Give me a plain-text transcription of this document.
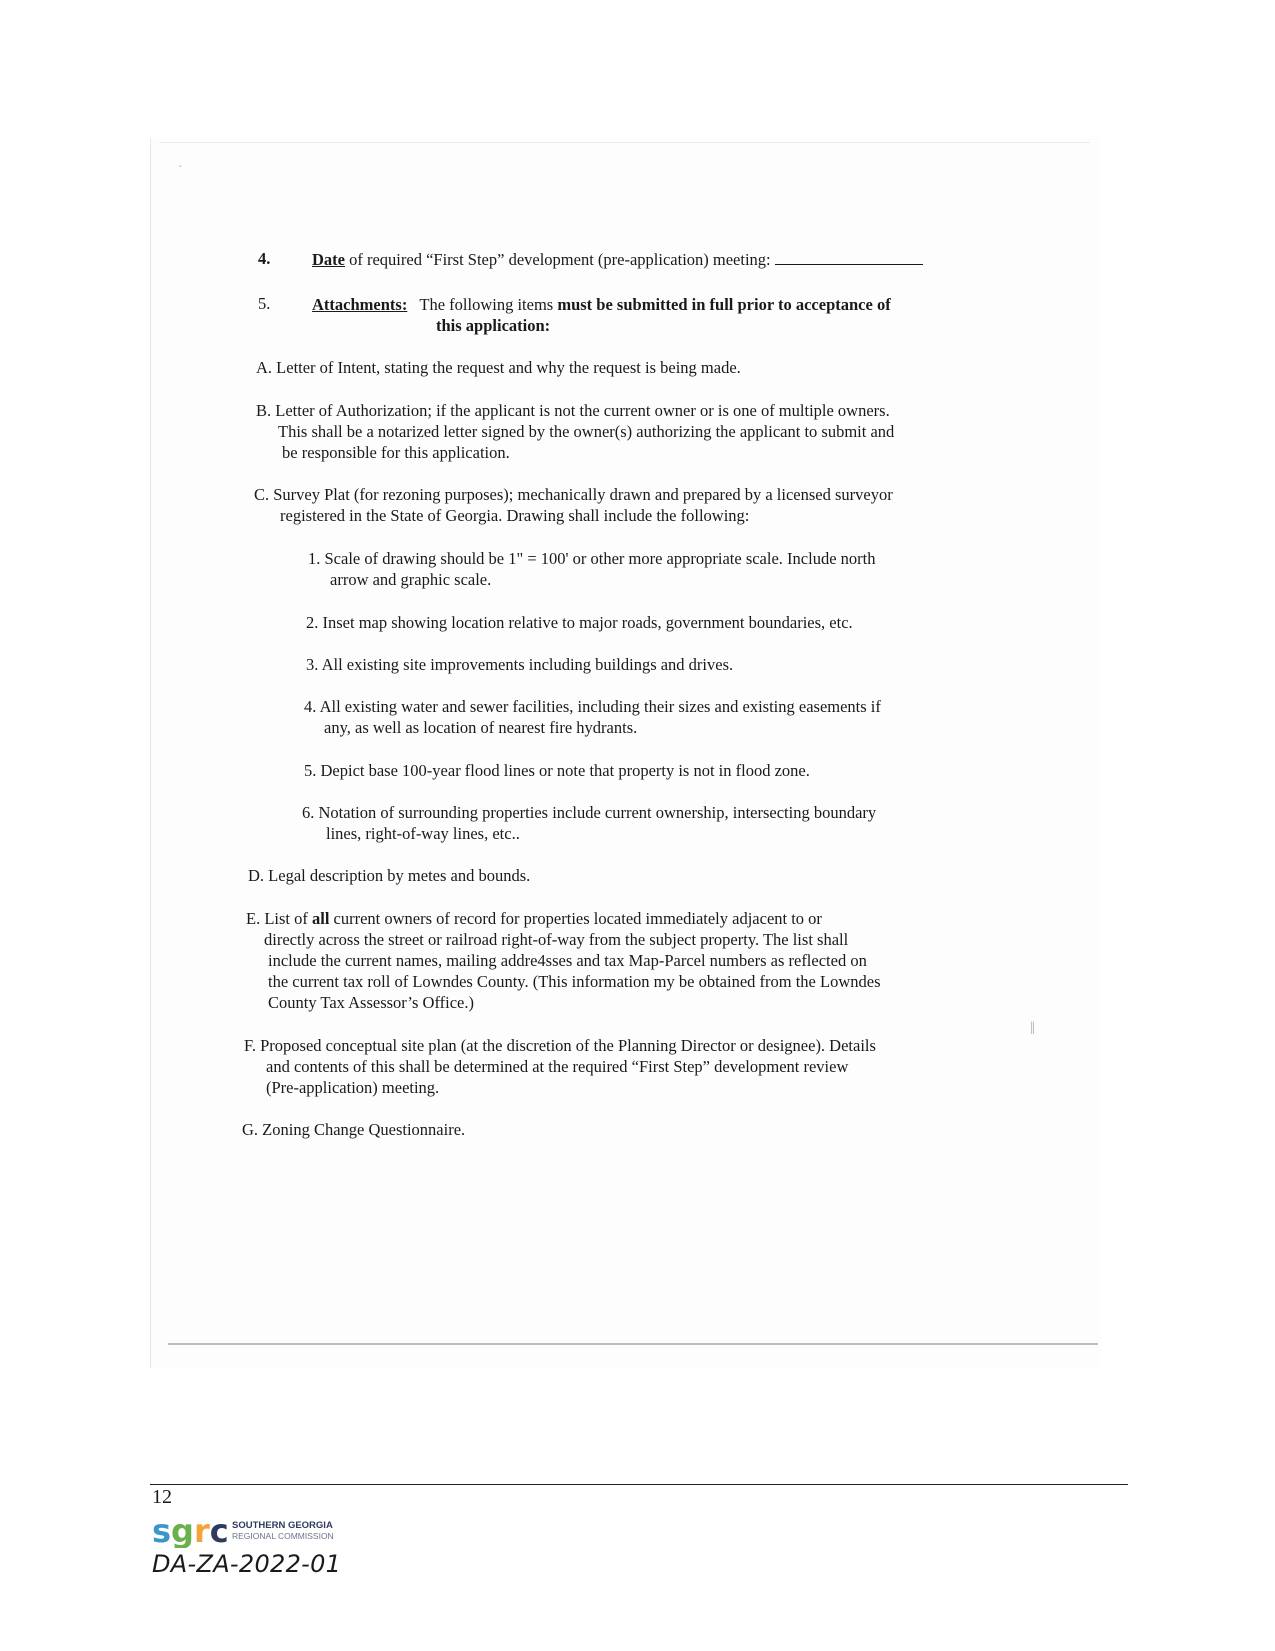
·
‖
4.	Date of required “First Step” development (pre-application) meeting:
5.	Attachments: The following items must be submitted in full prior to acceptance of
this application:
A. Letter of Intent, stating the request and why the request is being made.
B. Letter of Authorization; if the applicant is not the current owner or is one of multiple owners.
This shall be a notarized letter signed by the owner(s) authorizing the applicant to submit and
be responsible for this application.
C. Survey Plat (for rezoning purposes); mechanically drawn and prepared by a licensed surveyor
registered in the State of Georgia. Drawing shall include the following:
1. Scale of drawing should be 1" = 100' or other more appropriate scale. Include north
arrow and graphic scale.
2. Inset map showing location relative to major roads, government boundaries, etc.
3. All existing site improvements including buildings and drives.
4. All existing water and sewer facilities, including their sizes and existing easements if
any, as well as location of nearest fire hydrants.
5. Depict base 100-year flood lines or note that property is not in flood zone.
6. Notation of surrounding properties include current ownership, intersecting boundary
lines, right-of-way lines, etc..
D. Legal description by metes and bounds.
E. List of all current owners of record for properties located immediately adjacent to or
directly across the street or railroad right-of-way from the subject property. The list shall
include the current names, mailing addre4sses and tax Map-Parcel numbers as reflected on
the current tax roll of Lowndes County. (This information my be obtained from the Lowndes
County Tax Assessor’s Office.)
F. Proposed conceptual site plan (at the discretion of the Planning Director or designee). Details
and contents of this shall be determined at the required “First Step” development review
(Pre-application) meeting.
G. Zoning Change Questionnaire.
12
sgrc SOUTHERN GEORGIA
REGIONAL COMMISSION
DA-ZA-2022-01
